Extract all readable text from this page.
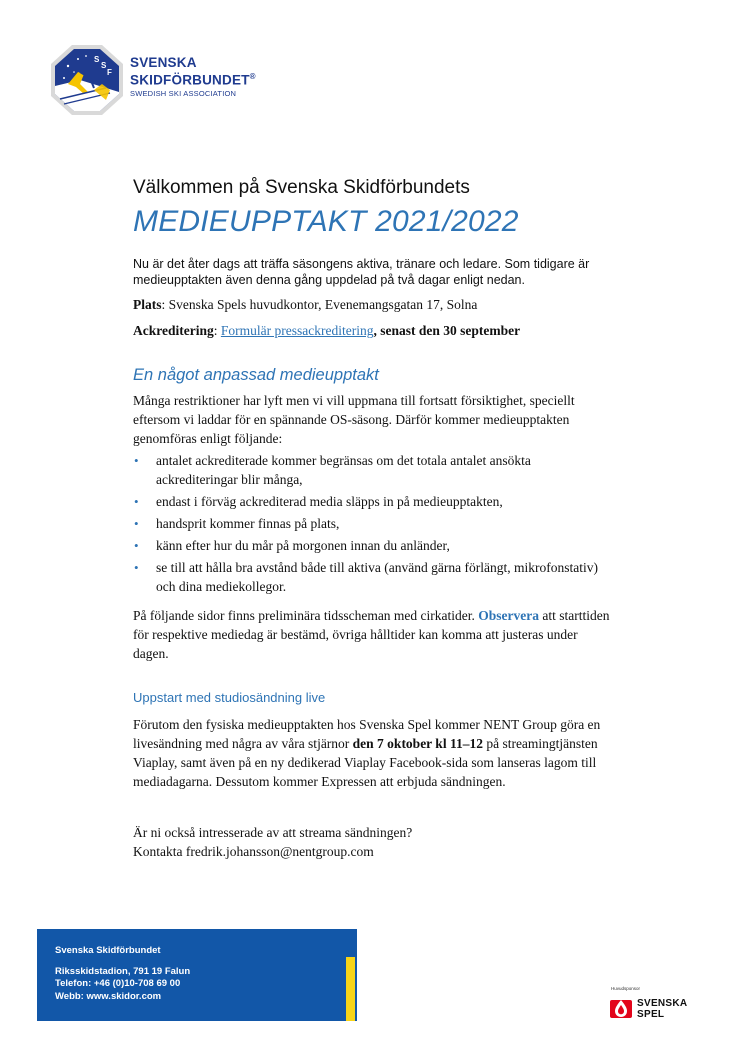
S
S
F
SVENSKA
SKIDFÖRBUNDET®
SWEDISH SKI ASSOCIATION
Välkommen på Svenska Skidförbundets
MEDIEUPPTAKT 2021/2022
Nu är det åter dags att träffa säsongens aktiva, tränare och ledare. Som tidigare är medieupptakten även denna gång uppdelad på två dagar enligt nedan.
Plats: Svenska Spels huvudkontor, Evenemangsgatan 17, Solna
Ackreditering: Formulär pressackreditering, senast den 30 september
En något anpassad medieupptakt
Många restriktioner har lyft men vi vill uppmana till fortsatt försiktighet, speciellt eftersom vi laddar för en spännande OS-säsong. Därför kommer medieupptakten genomföras enligt följande:
• antalet ackrediterade kommer begränsas om det totala antalet ansökta ackrediteringar blir många,
• endast i förväg ackrediterad media släpps in på medieupptakten,
• handsprit kommer finnas på plats,
• känn efter hur du mår på morgonen innan du anländer,
• se till att hålla bra avstånd både till aktiva (använd gärna förlängt, mikrofonstativ) och dina mediekollegor.
På följande sidor finns preliminära tidsscheman med cirkatider. Observera att starttiden för respektive mediedag är bestämd, övriga hålltider kan komma att justeras under dagen.
Uppstart med studiosändning live
Förutom den fysiska medieupptakten hos Svenska Spel kommer NENT Group göra en livesändning med några av våra stjärnor den 7 oktober kl 11–12 på streamingtjänsten Viaplay, samt även på en ny dedikerad Viaplay Facebook-sida som lanseras lagom till mediadagarna. Dessutom kommer Expressen att erbjuda sändningen.
Är ni också intresserade av att streama sändningen?
Kontakta fredrik.johansson@nentgroup.com
Svenska Skidförbundet
Riksskidstadion, 791 19 Falun
Telefon: +46 (0)10-708 69 00
Webb: www.skidor.com
Huvudsponsor
SVENSKA
SPEL
